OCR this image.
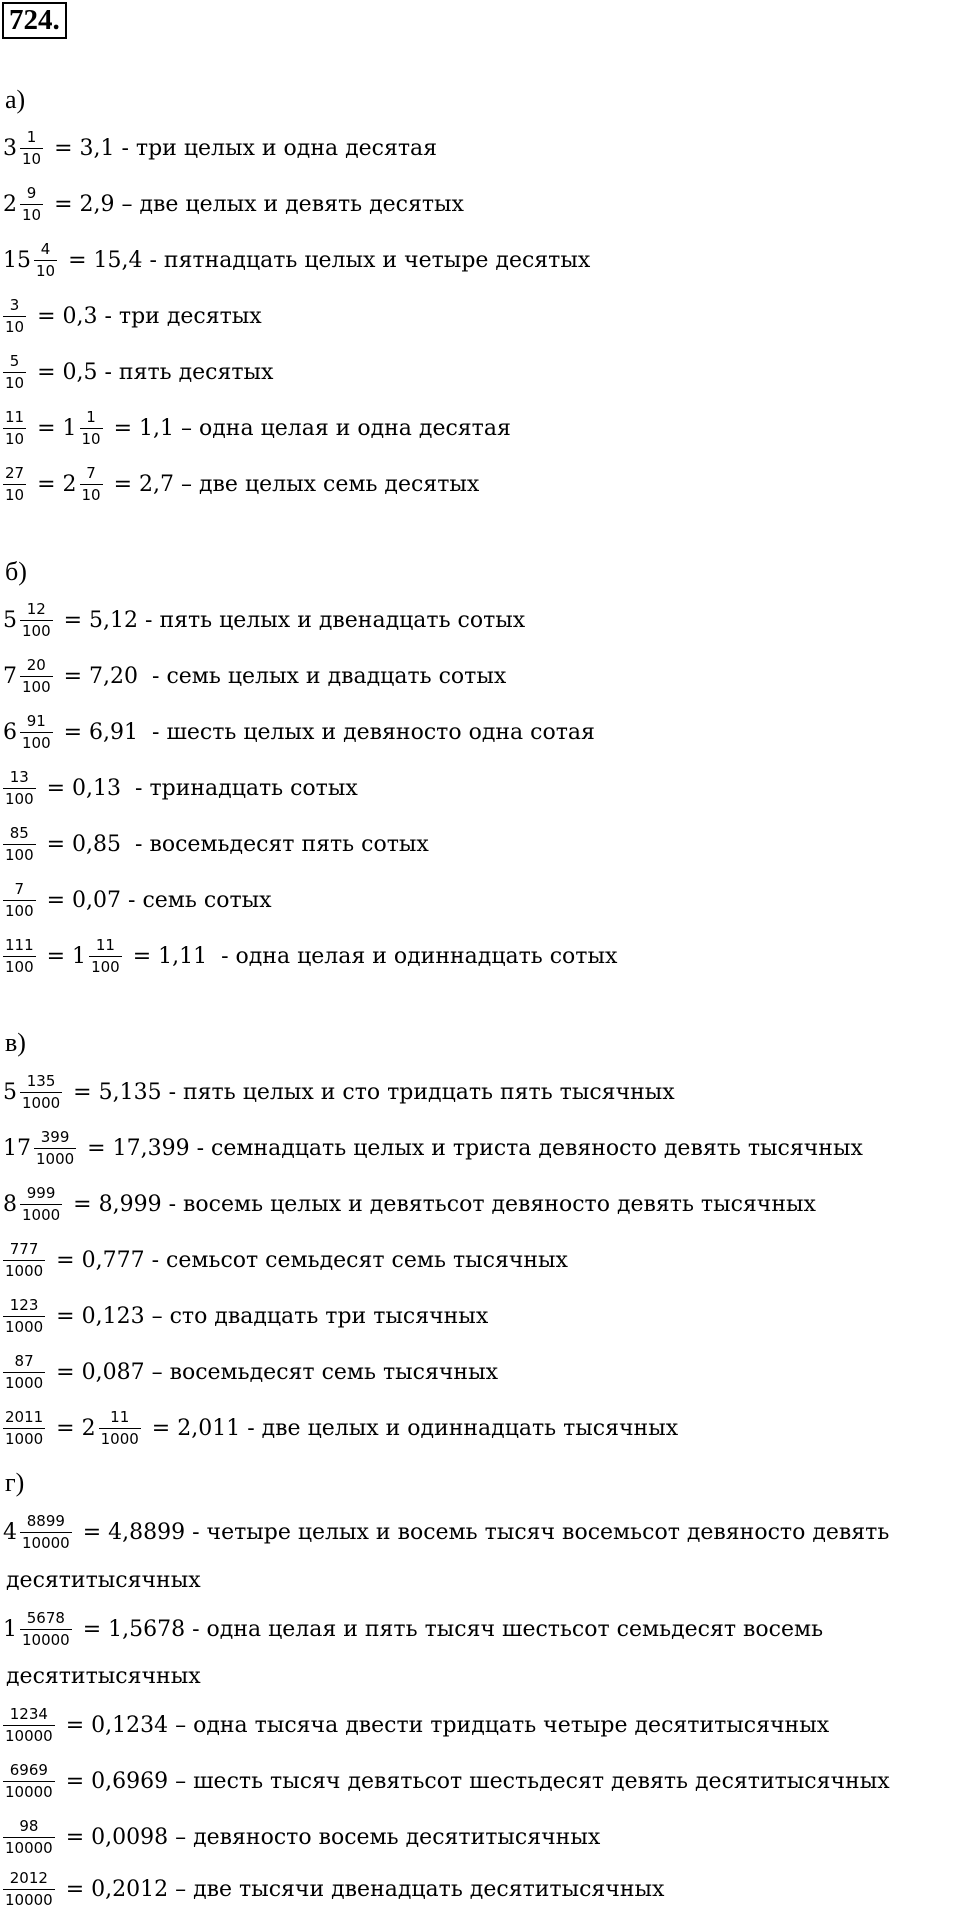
724.
а)
$3 \frac{1}{10} = 3,1$ - три целых и одна десятая
$2 \frac{9}{10} = 2,9$ – две целых и девять десятых
$15 \frac{4}{10} = 15,4$ - пятнадцать целых и четыре десятых
$\frac{3}{10} = 0,3$ - три десятых
$\frac{5}{10} = 0,5$ - пять десятых
$\frac{11}{10} = 1 \frac{1}{10} = 1,1$ – одна целая и одна десятая
$\frac{27}{10} = 2 \frac{7}{10} = 2,7$ – две целых семь десятых
б)
$5 \frac{12}{100} = 5,12$ - пять целых и двенадцать сотых
$7 \frac{20}{100} = 7,20$  - семь целых и двадцать сотых
$6 \frac{91}{100} = 6,91$  - шесть целых и девяносто одна сотая
$\frac{13}{100} = 0,13$  - тринадцать сотых
$\frac{85}{100} = 0,85$  - восемьдесят пять сотых
$\frac{7}{100} = 0,07$ - семь сотых
$\frac{111}{100} = 1 \frac{11}{100} = 1,11$  - одна целая и одиннадцать сотых
в)
$5 \frac{135}{1000} = 5,135$ - пять целых и сто тридцать пять тысячных
$17 \frac{399}{1000} = 17,399$ - семнадцать целых и триста девяносто девять тысячных
$8 \frac{999}{1000} = 8,999$ - восемь целых и девятьсот девяносто девять тысячных
$\frac{777}{1000} = 0,777$ - семьсот семьдесят семь тысячных
$\frac{123}{1000} = 0,123$ – сто двадцать три тысячных
$\frac{87}{1000} = 0,087$ – восемьдесят семь тысячных
$\frac{2011}{1000} = 2 \frac{11}{1000} = 2,011$ - две целых и одиннадцать тысячных
г)
$4 \frac{8899}{10000} = 4,8899$ - четыре целых и восемь тысяч восемьсот девяносто девять
десятитысячных
$1 \frac{5678}{10000} = 1,5678$ - одна целая и пять тысяч шестьсот семьдесят восемь
десятитысячных
$\frac{1234}{10000} = 0,1234$ – одна тысяча двести тридцать четыре десятитысячных
$\frac{6969}{10000} = 0,6969$ – шесть тысяч девятьсот шестьдесят девять десятитысячных
$\frac{98}{10000} = 0,0098$ – девяносто восемь десятитысячных
$\frac{2012}{10000} = 0,2012$ – две тысячи двенадцать десятитысячных
